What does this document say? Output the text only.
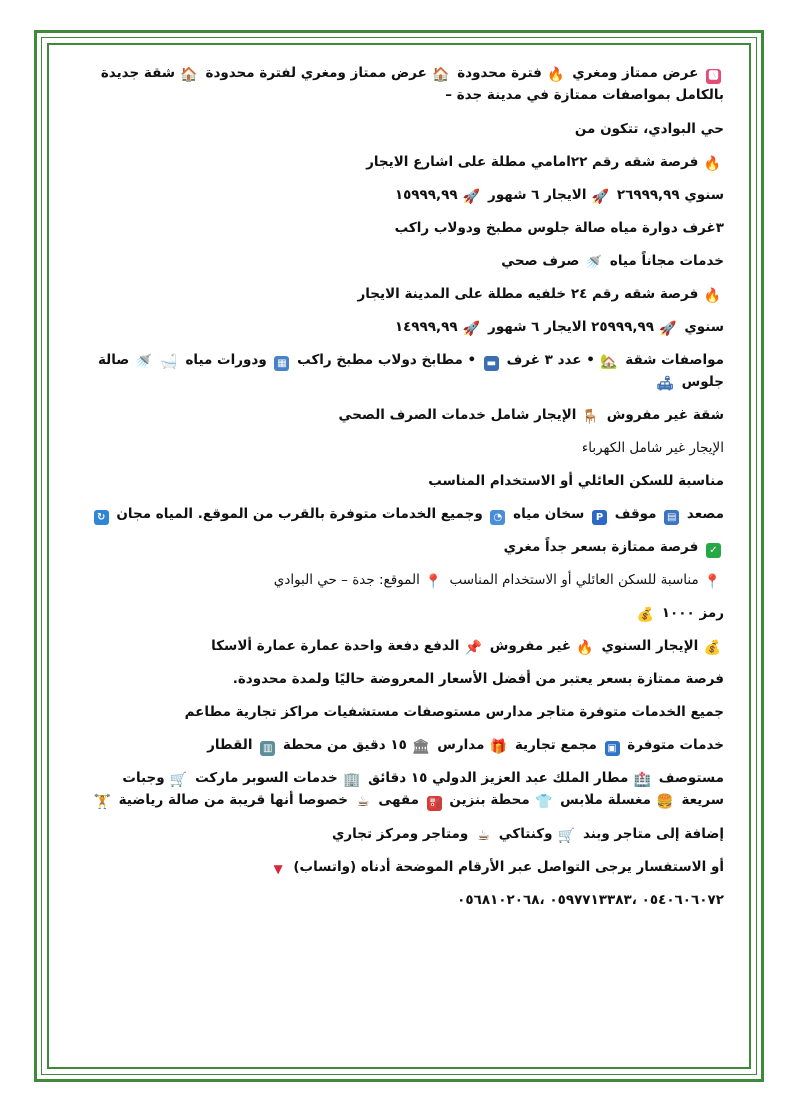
🅰 عرض ممتاز ومغري 🔥 فترة محدودة 🏠 عرض ممتاز ومغري لفترة محدودة 🏠 شقة جديدة بالكامل بمواصفات ممتازة في مدينة جدة –
حي البوادي، تتكون من
🔥 فرصة شقه رقم ٢٢امامي مطلة على اشارع الايجار
سنوي ٢٦٩٩٩,٩٩ 🚀 الايجار ٦ شهور 🚀 ١٥٩٩٩,٩٩
٣غرف دوارة مياه صالة جلوس مطبخ ودولاب راكب
خدمات مجاناً مياه 🚿 صرف صحي
🔥 فرصة شقه رقم ٢٤ خلفيه مطلة على المدينة الايجار
سنوي 🚀 ٢٥٩٩٩,٩٩ الايجار ٦ شهور 🚀 ١٤٩٩٩,٩٩
مواصفات شقة 🏡 • عدد ٣ غرف ▬ • مطابخ دولاب مطبخ راكب ▦ ودورات مياه 🛁 🚿 صالة جلوس 🛋
شقة غير مفروش 🪑 الإيجار شامل خدمات الصرف الصحي
الإيجار غير شامل الكهرباء
مناسبة للسكن العائلي أو الاستخدام المناسب
مصعد ▤ موقف P سخان مياه ◔ وجميع الخدمات متوفرة بالقرب من الموقع. المياه مجان ↻
✓ فرصة ممتازة بسعر جداً مغري
📍 مناسبة للسكن العائلي أو الاستخدام المناسب 📍 الموقع: جدة – حي البوادي
رمز ١٠٠٠ 💰
💰 الإيجار السنوي 🔥 غير مفروش 📌 الدفع دفعة واحدة عمارة عمارة ألاسكا
فرصة ممتازة بسعر يعتبر من أفضل الأسعار المعروضة حاليًا ولمدة محدودة.
جميع الخدمات متوفرة متاجر مدارس مستوصفات مستشفيات مراكز تجارية مطاعم
خدمات متوفرة ▣ مجمع تجارية 🎁 مدارس 🏛 ١٥ دقيق من محطة ▥ القطار
مستوصف 🏥 مطار الملك عبد العزيز الدولي ١٥ دقائق 🏢 خدمات السوبر ماركت 🛒 وجبات سريعة 🍔 مغسلة ملابس 👕 محطة بنزين ⛽ مقهى ☕ خصوصا أنها قريبة من صالة رياضية 🏋
إضافة إلى متاجر وبند 🛒 وكنتاكي ☕ ومتاجر ومركز تجاري
أو الاستفسار يرجى التواصل عبر الأرقام الموضحة أدناه (واتساب) ▼
٠٥٤٠٦٠٦٠٧٢ ،٠٥٩٧٧١٣٣٨٣ ،٠٥٦٨١٠٢٠٦٨
